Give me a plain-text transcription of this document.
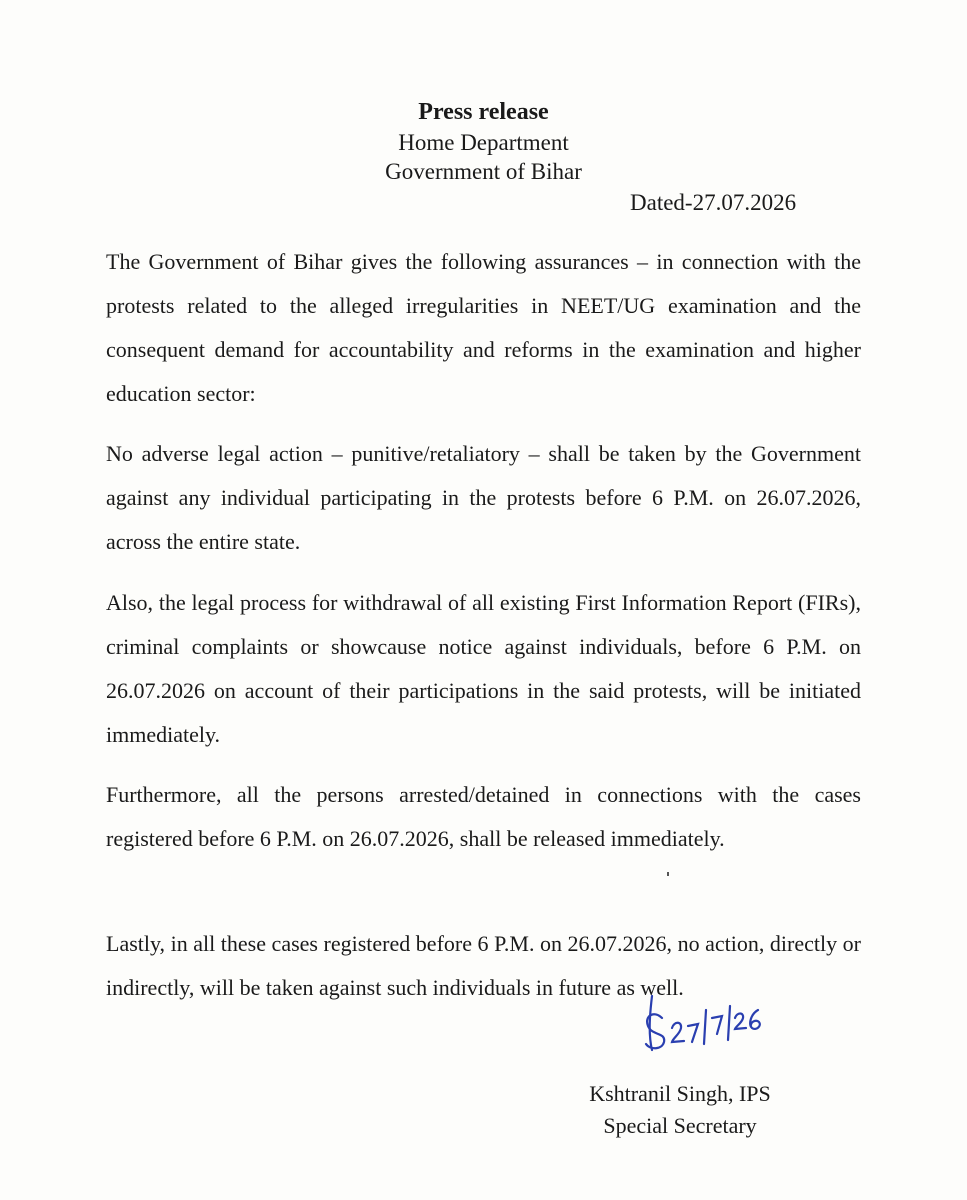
Press release
Home Department
Government of Bihar
Dated-27.07.2026

The Government of Bihar gives the following assurances – in connection with the protests related to the alleged irregularities in NEET/UG examination and the consequent demand for accountability and reforms in the examination and higher education sector:

No adverse legal action – punitive/retaliatory – shall be taken by the Government against any individual participating in the protests before 6 P.M. on 26.07.2026, across the entire state.

Also, the legal process for withdrawal of all existing First Information Report (FIRs), criminal complaints or showcause notice against individuals, before 6 P.M. on 26.07.2026 on account of their participations in the said protests, will be initiated immediately.

Furthermore, all the persons arrested/detained in connections with the cases registered before 6 P.M. on 26.07.2026, shall be released immediately.

Lastly, in all these cases registered before 6 P.M. on 26.07.2026, no action, directly or indirectly, will be taken against such individuals in future as well.

Kshtranil Singh, IPS
Special Secretary
